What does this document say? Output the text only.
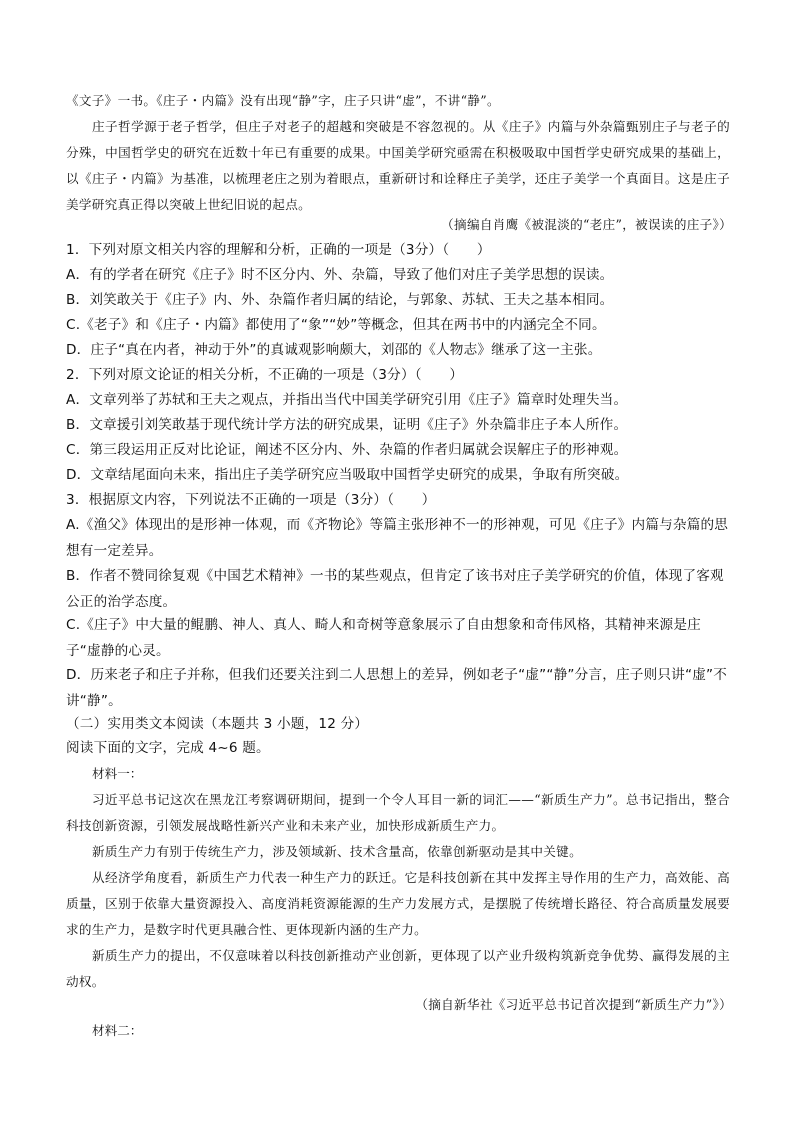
《文子》一书。《庄子・内篇》没有出现“静”字，庄子只讲“虚”，不讲“静”。
庄子哲学源于老子哲学，但庄子对老子的超越和突破是不容忽视的。从《庄子》内篇与外杂篇甄别庄子与老子的分殊，中国哲学史的研究在近数十年已有重要的成果。中国美学研究亟需在积极吸取中国哲学史研究成果的基础上，以《庄子・内篇》为基准，以梳理老庄之别为着眼点，重新研讨和诠释庄子美学，还庄子美学一个真面目。这是庄子美学研究真正得以突破上世纪旧说的起点。
（摘编自肖鹰《被混淡的“老庄”，被误读的庄子》）
1．下列对原文相关内容的理解和分析，正确的一项是（3分）（　　）
A．有的学者在研究《庄子》时不区分内、外、杂篇，导致了他们对庄子美学思想的误读。
B．刘笑敢关于《庄子》内、外、杂篇作者归属的结论，与郭象、苏轼、王夫之基本相同。
C.《老子》和《庄子・内篇》都使用了“象”“妙”等概念，但其在两书中的内涵完全不同。
D．庄子“真在内者，神动于外”的真诚观影响颇大，刘邵的《人物志》继承了这一主张。
2．下列对原文论证的相关分析，不正确的一项是（3分）（　　）
A．文章列举了苏轼和王夫之观点，并指出当代中国美学研究引用《庄子》篇章时处理失当。
B．文章援引刘笑敢基于现代统计学方法的研究成果，证明《庄子》外杂篇非庄子本人所作。
C．第三段运用正反对比论证，阐述不区分内、外、杂篇的作者归属就会误解庄子的形神观。
D．文章结尾面向未来，指出庄子美学研究应当吸取中国哲学史研究的成果，争取有所突破。
3．根据原文内容，下列说法不正确的一项是（3分）（　　）
A.《渔父》体现出的是形神一体观，而《齐物论》等篇主张形神不一的形神观，可见《庄子》内篇与杂篇的思想有一定差异。
B．作者不赞同徐复观《中国艺术精神》一书的某些观点，但肯定了该书对庄子美学研究的价值，体现了客观公正的治学态度。
C.《庄子》中大量的鲲鹏、神人、真人、畸人和奇树等意象展示了自由想象和奇伟风格，其精神来源是庄子“虚静的心灵。
D．历来老子和庄子并称，但我们还要关注到二人思想上的差异，例如老子“虚”“静”分言，庄子则只讲“虚”不讲“静”。
（二）实用类文本阅读（本题共 3 小题，12 分）
阅读下面的文字，完成 4~6 题。
材料一：
习近平总书记这次在黑龙江考察调研期间，提到一个令人耳目一新的词汇——“新质生产力”。总书记指出，整合科技创新资源，引领发展战略性新兴产业和未来产业，加快形成新质生产力。
新质生产力有别于传统生产力，涉及领域新、技术含量高，依靠创新驱动是其中关键。
从经济学角度看，新质生产力代表一种生产力的跃迁。它是科技创新在其中发挥主导作用的生产力，高效能、高质量，区别于依靠大量资源投入、高度消耗资源能源的生产力发展方式，是摆脱了传统增长路径、符合高质量发展要求的生产力，是数字时代更具融合性、更体现新内涵的生产力。
新质生产力的提出，不仅意味着以科技创新推动产业创新，更体现了以产业升级构筑新竞争优势、赢得发展的主动权。
（摘自新华社《习近平总书记首次提到“新质生产力”》）
材料二：
